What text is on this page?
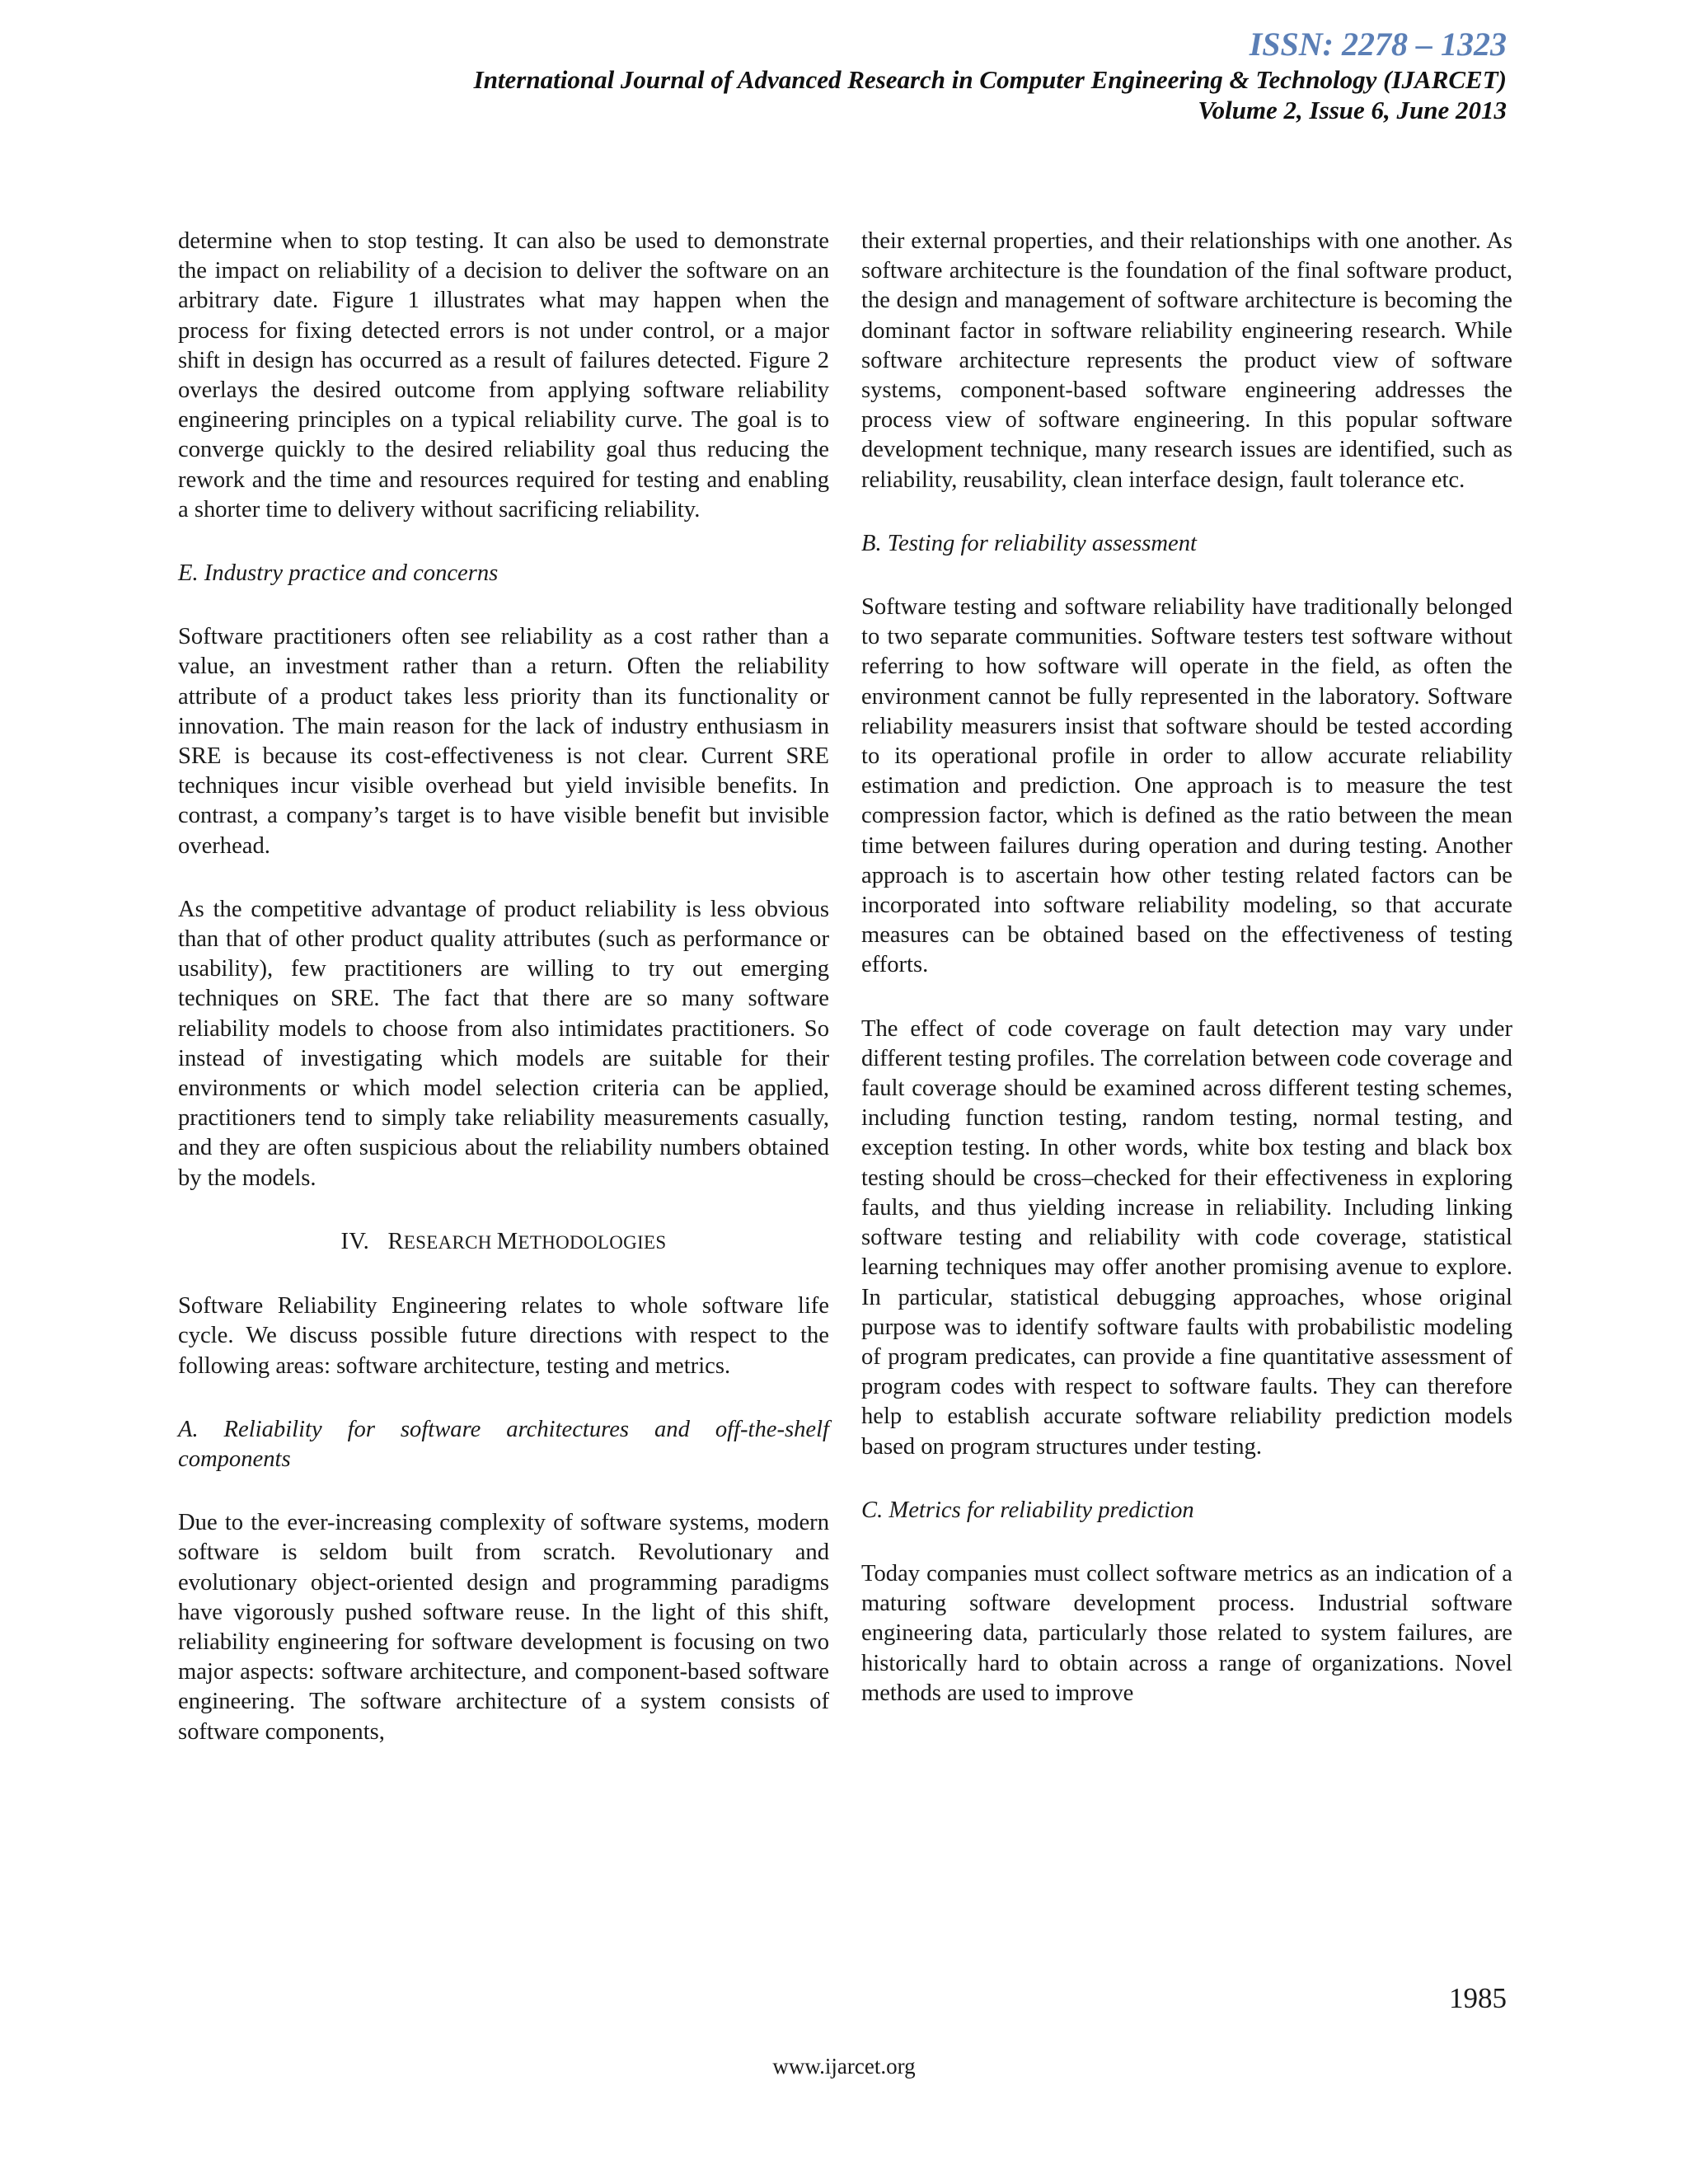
ISSN: 2278 – 1323
International Journal of Advanced Research in Computer Engineering & Technology (IJARCET)
Volume 2, Issue 6, June 2013

determine when to stop testing. It can also be used to demonstrate the impact on reliability of a decision to deliver the software on an arbitrary date. Figure 1 illustrates what may happen when the process for fixing detected errors is not under control, or a major shift in design has occurred as a result of failures detected. Figure 2 overlays the desired outcome from applying software reliability engineering principles on a typical reliability curve. The goal is to converge quickly to the desired reliability goal thus reducing the rework and the time and resources required for testing and enabling a shorter time to delivery without sacrificing reliability.

E. Industry practice and concerns

Software practitioners often see reliability as a cost rather than a value, an investment rather than a return. Often the reliability attribute of a product takes less priority than its functionality or innovation. The main reason for the lack of industry enthusiasm in SRE is because its cost-effectiveness is not clear. Current SRE techniques incur visible overhead but yield invisible benefits. In contrast, a company’s target is to have visible benefit but invisible overhead.

As the competitive advantage of product reliability is less obvious than that of other product quality attributes (such as performance or usability), few practitioners are willing to try out emerging techniques on SRE. The fact that there are so many software reliability models to choose from also intimidates practitioners. So instead of investigating which models are suitable for their environments or which model selection criteria can be applied, practitioners tend to simply take reliability measurements casually, and they are often suspicious about the reliability numbers obtained by the models.

IV. RESEARCH METHODOLOGIES

Software Reliability Engineering relates to whole software life cycle. We discuss possible future directions with respect to the following areas: software architecture, testing and metrics.

A. Reliability for software architectures and off-the-shelf components

Due to the ever-increasing complexity of software systems, modern software is seldom built from scratch. Revolutionary and evolutionary object-oriented design and programming paradigms have vigorously pushed software reuse. In the light of this shift, reliability engineering for software development is focusing on two major aspects: software architecture, and component-based software engineering. The software architecture of a system consists of software components,

their external properties, and their relationships with one another. As software architecture is the foundation of the final software product, the design and management of software architecture is becoming the dominant factor in software reliability engineering research. While software architecture represents the product view of software systems, component-based software engineering addresses the process view of software engineering. In this popular software development technique, many research issues are identified, such as reliability, reusability, clean interface design, fault tolerance etc.

B. Testing for reliability assessment

Software testing and software reliability have traditionally belonged to two separate communities. Software testers test software without referring to how software will operate in the field, as often the environment cannot be fully represented in the laboratory. Software reliability measurers insist that software should be tested according to its operational profile in order to allow accurate reliability estimation and prediction. One approach is to measure the test compression factor, which is defined as the ratio between the mean time between failures during operation and during testing. Another approach is to ascertain how other testing related factors can be incorporated into software reliability modeling, so that accurate measures can be obtained based on the effectiveness of testing efforts.

The effect of code coverage on fault detection may vary under different testing profiles. The correlation between code coverage and fault coverage should be examined across different testing schemes, including function testing, random testing, normal testing, and exception testing. In other words, white box testing and black box testing should be cross–checked for their effectiveness in exploring faults, and thus yielding increase in reliability. Including linking software testing and reliability with code coverage, statistical learning techniques may offer another promising avenue to explore. In particular, statistical debugging approaches, whose original purpose was to identify software faults with probabilistic modeling of program predicates, can provide a fine quantitative assessment of program codes with respect to software faults. They can therefore help to establish accurate software reliability prediction models based on program structures under testing.

C. Metrics for reliability prediction

Today companies must collect software metrics as an indication of a maturing software development process. Industrial software engineering data, particularly those related to system failures, are historically hard to obtain across a range of organizations. Novel methods are used to improve

1985
www.ijarcet.org
